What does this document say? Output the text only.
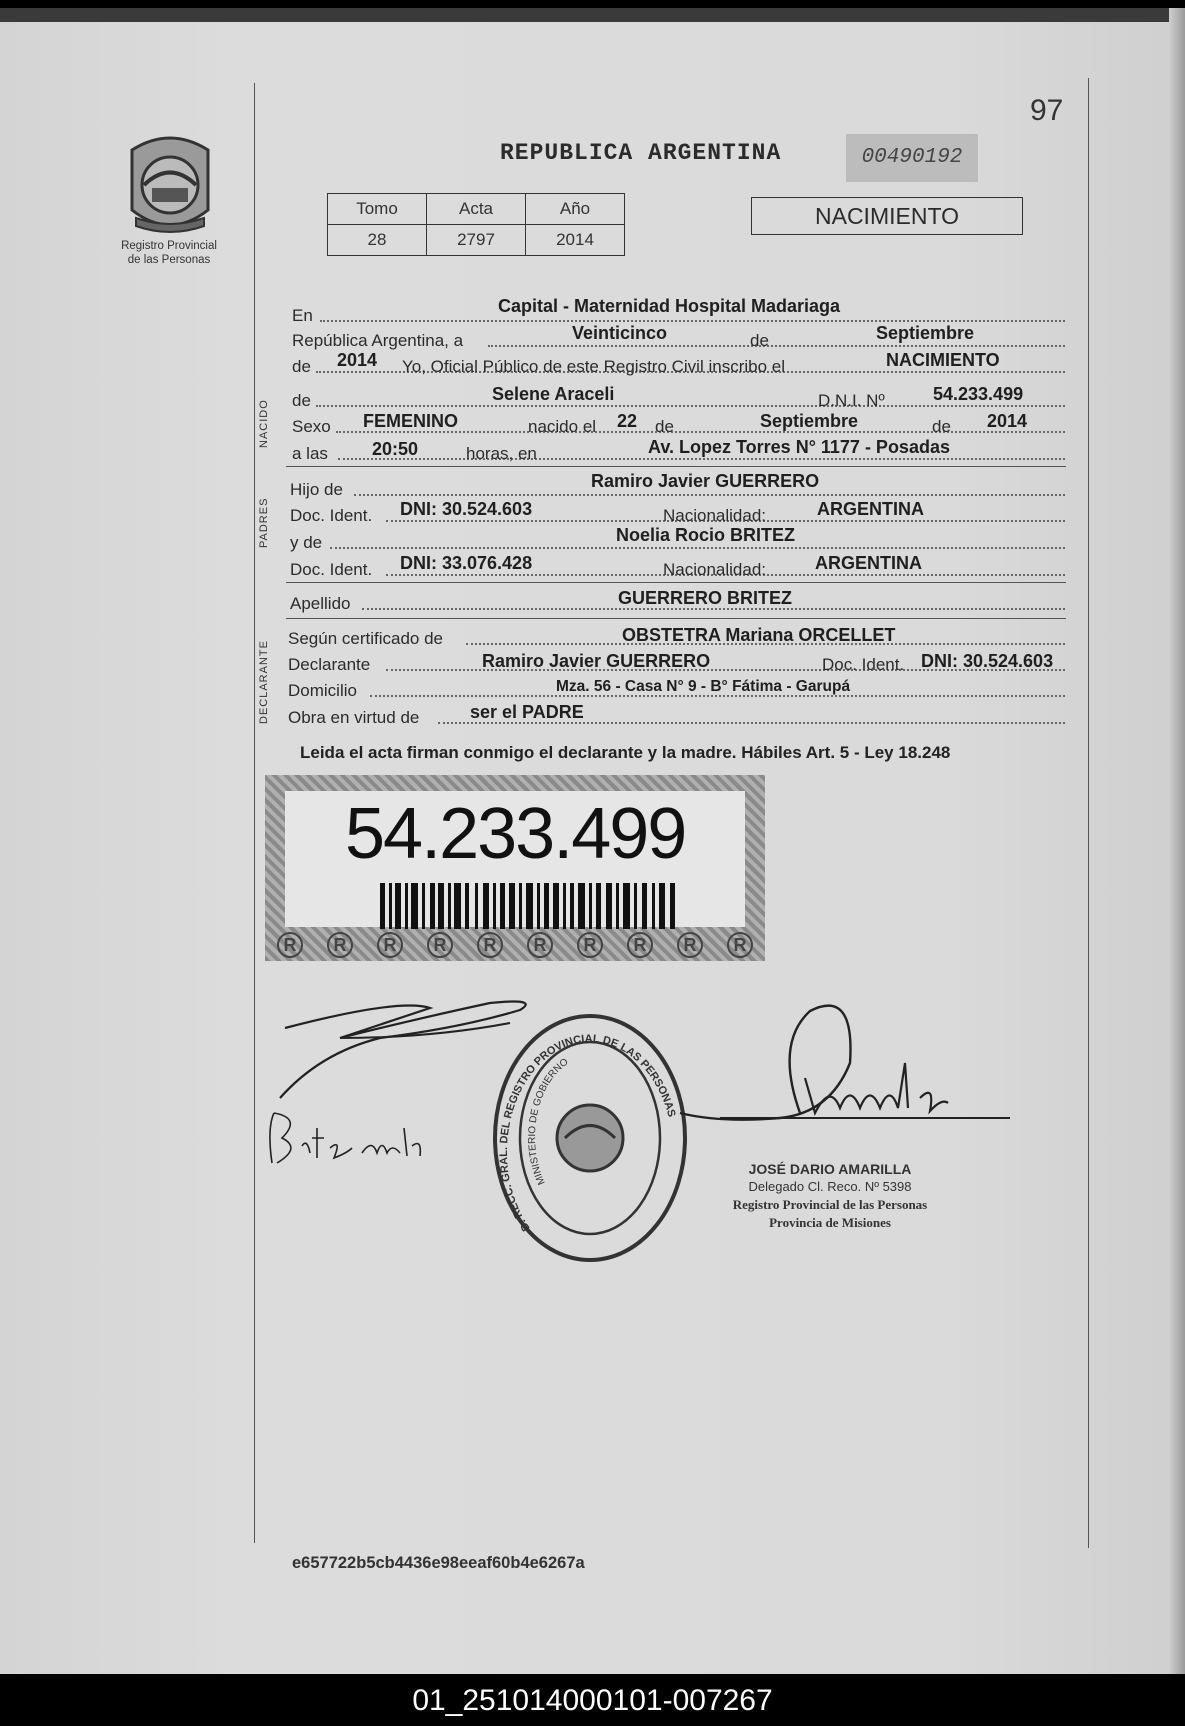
97
Registro Provincial
de las Personas
REPUBLICA ARGENTINA	00490192
Tomo	Acta	Año
28	2797	2014
NACIMIENTO
En	Capital - Maternidad Hospital Madariaga
República Argentina, a	Veinticinco	de	Septiembre
de 2014 Yo, Oficial Público de este Registro Civil inscribo el	NACIMIENTO
NACIDO de	Selene Araceli	D.N.I. Nº	54.233.499
Sexo FEMENINO	nacido el 22 de	Septiembre	de 2014
a las 20:50	horas, en	Av. Lopez Torres N° 1177 - Posadas
PADRES
Hijo de	Ramiro Javier GUERRERO
Doc. Ident. DNI: 30.524.603	Nacionalidad:	ARGENTINA
y de	Noelia Rocio BRITEZ
Doc. Ident. DNI: 33.076.428	Nacionalidad:	ARGENTINA
Apellido	GUERRERO BRITEZ
DECLARANTE
Según certificado de	OBSTETRA Mariana ORCELLET
Declarante	Ramiro Javier GUERRERO	Doc. Ident. DNI: 30.524.603
Domicilio	Mza. 56 - Casa N° 9 - B° Fátima - Garupá
Obra en virtud de	ser el PADRE
Leida el acta firman conmigo el declarante y la madre. Hábiles Art. 5 - Ley 18.248
54.233.499
R	R	R	R	R	R	R	R	R	R
D. RECC. GRAL. DEL REGISTRO PROVINCIAL DE LAS PERSONAS
MINISTERIO DE GOBIERNO
JOSÉ DARIO AMARILLA
Delegado Cl. Reco. Nº 5398
Registro Provincial de las Personas
Provincia de Misiones
e657722b5cb4436e98eeaf60b4e6267a
01_251014000101-007267
